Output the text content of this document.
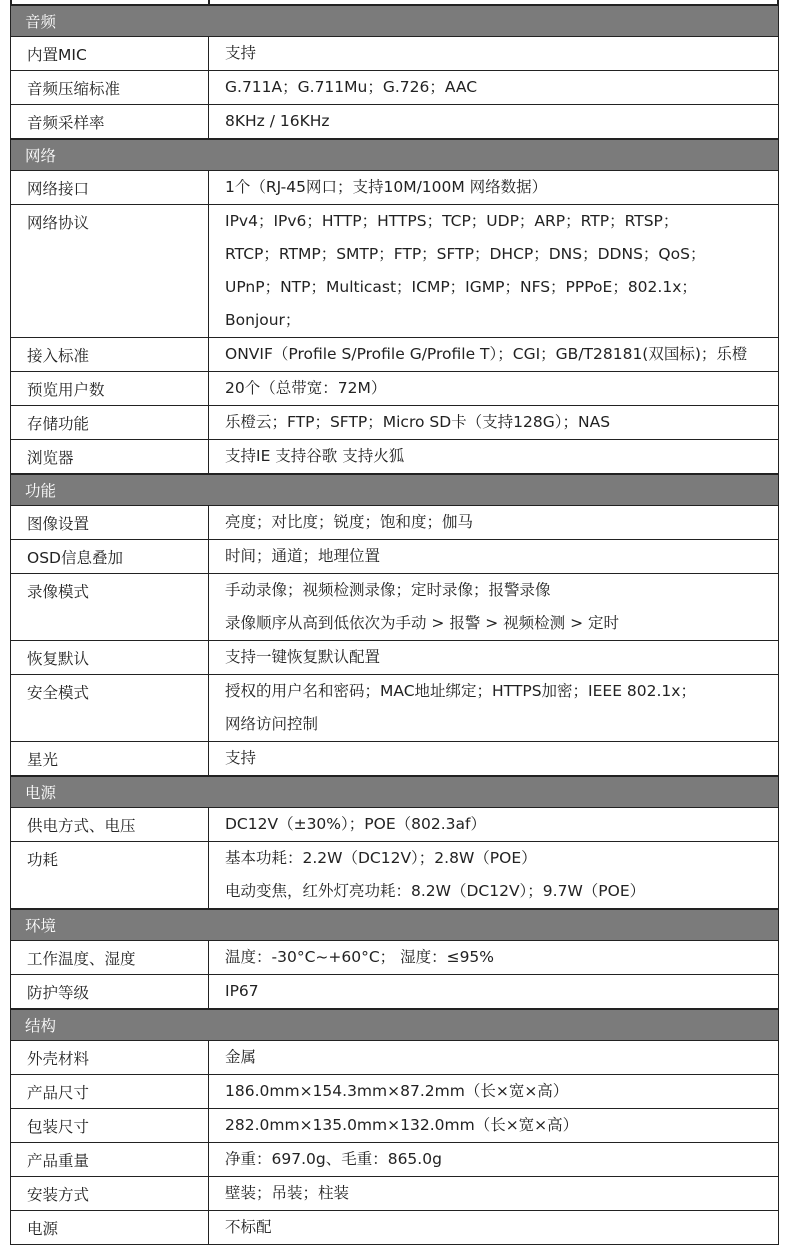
音频	
内置MIC	支持

音频压缩标准	G.711A；G.711Mu；G.726；AAC

音频采样率	8KHz / 16KHz

网络	
网络接口	1个（RJ-45网口；支持10M/100M 网络数据）

网络协议	IPv4；IPv6；HTTP；HTTPS；TCP；UDP；ARP；RTP；RTSP；
RTCP；RTMP；SMTP；FTP；SFTP；DHCP；DNS；DDNS；QoS；
UPnP；NTP；Multicast；ICMP；IGMP；NFS；PPPoE；802.1x；
Bonjour；

接入标准	ONVIF（Profile S/Profile G/Profile T）；CGI；GB/T28181(双国标)；乐橙

预览用户数	20个（总带宽：72M）

存储功能	乐橙云；FTP；SFTP；Micro SD卡（支持128G）；NAS

浏览器	支持IE 支持谷歌 支持火狐

功能	
图像设置	亮度；对比度；锐度；饱和度；伽马

OSD信息叠加	时间；通道；地理位置

录像模式	手动录像；视频检测录像；定时录像；报警录像
录像顺序从高到低依次为手动 > 报警 > 视频检测 > 定时

恢复默认	支持一键恢复默认配置

安全模式	授权的用户名和密码；MAC地址绑定；HTTPS加密；IEEE 802.1x；
网络访问控制

星光	支持

电源	
供电方式、电压	DC12V（±30%）；POE（802.3af）

功耗	基本功耗：2.2W（DC12V）；2.8W（POE）
电动变焦，红外灯亮功耗：8.2W（DC12V）；9.7W（POE）

环境	
工作温度、湿度	温度：-30°C~+60°C； 湿度：≤95%

防护等级	IP67

结构	
外壳材料	金属

产品尺寸	186.0mm×154.3mm×87.2mm（长×宽×高）

包装尺寸	282.0mm×135.0mm×132.0mm（长×宽×高）

产品重量	净重：697.0g、毛重：865.0g

安装方式	壁装；吊装；柱装

电源	不标配
